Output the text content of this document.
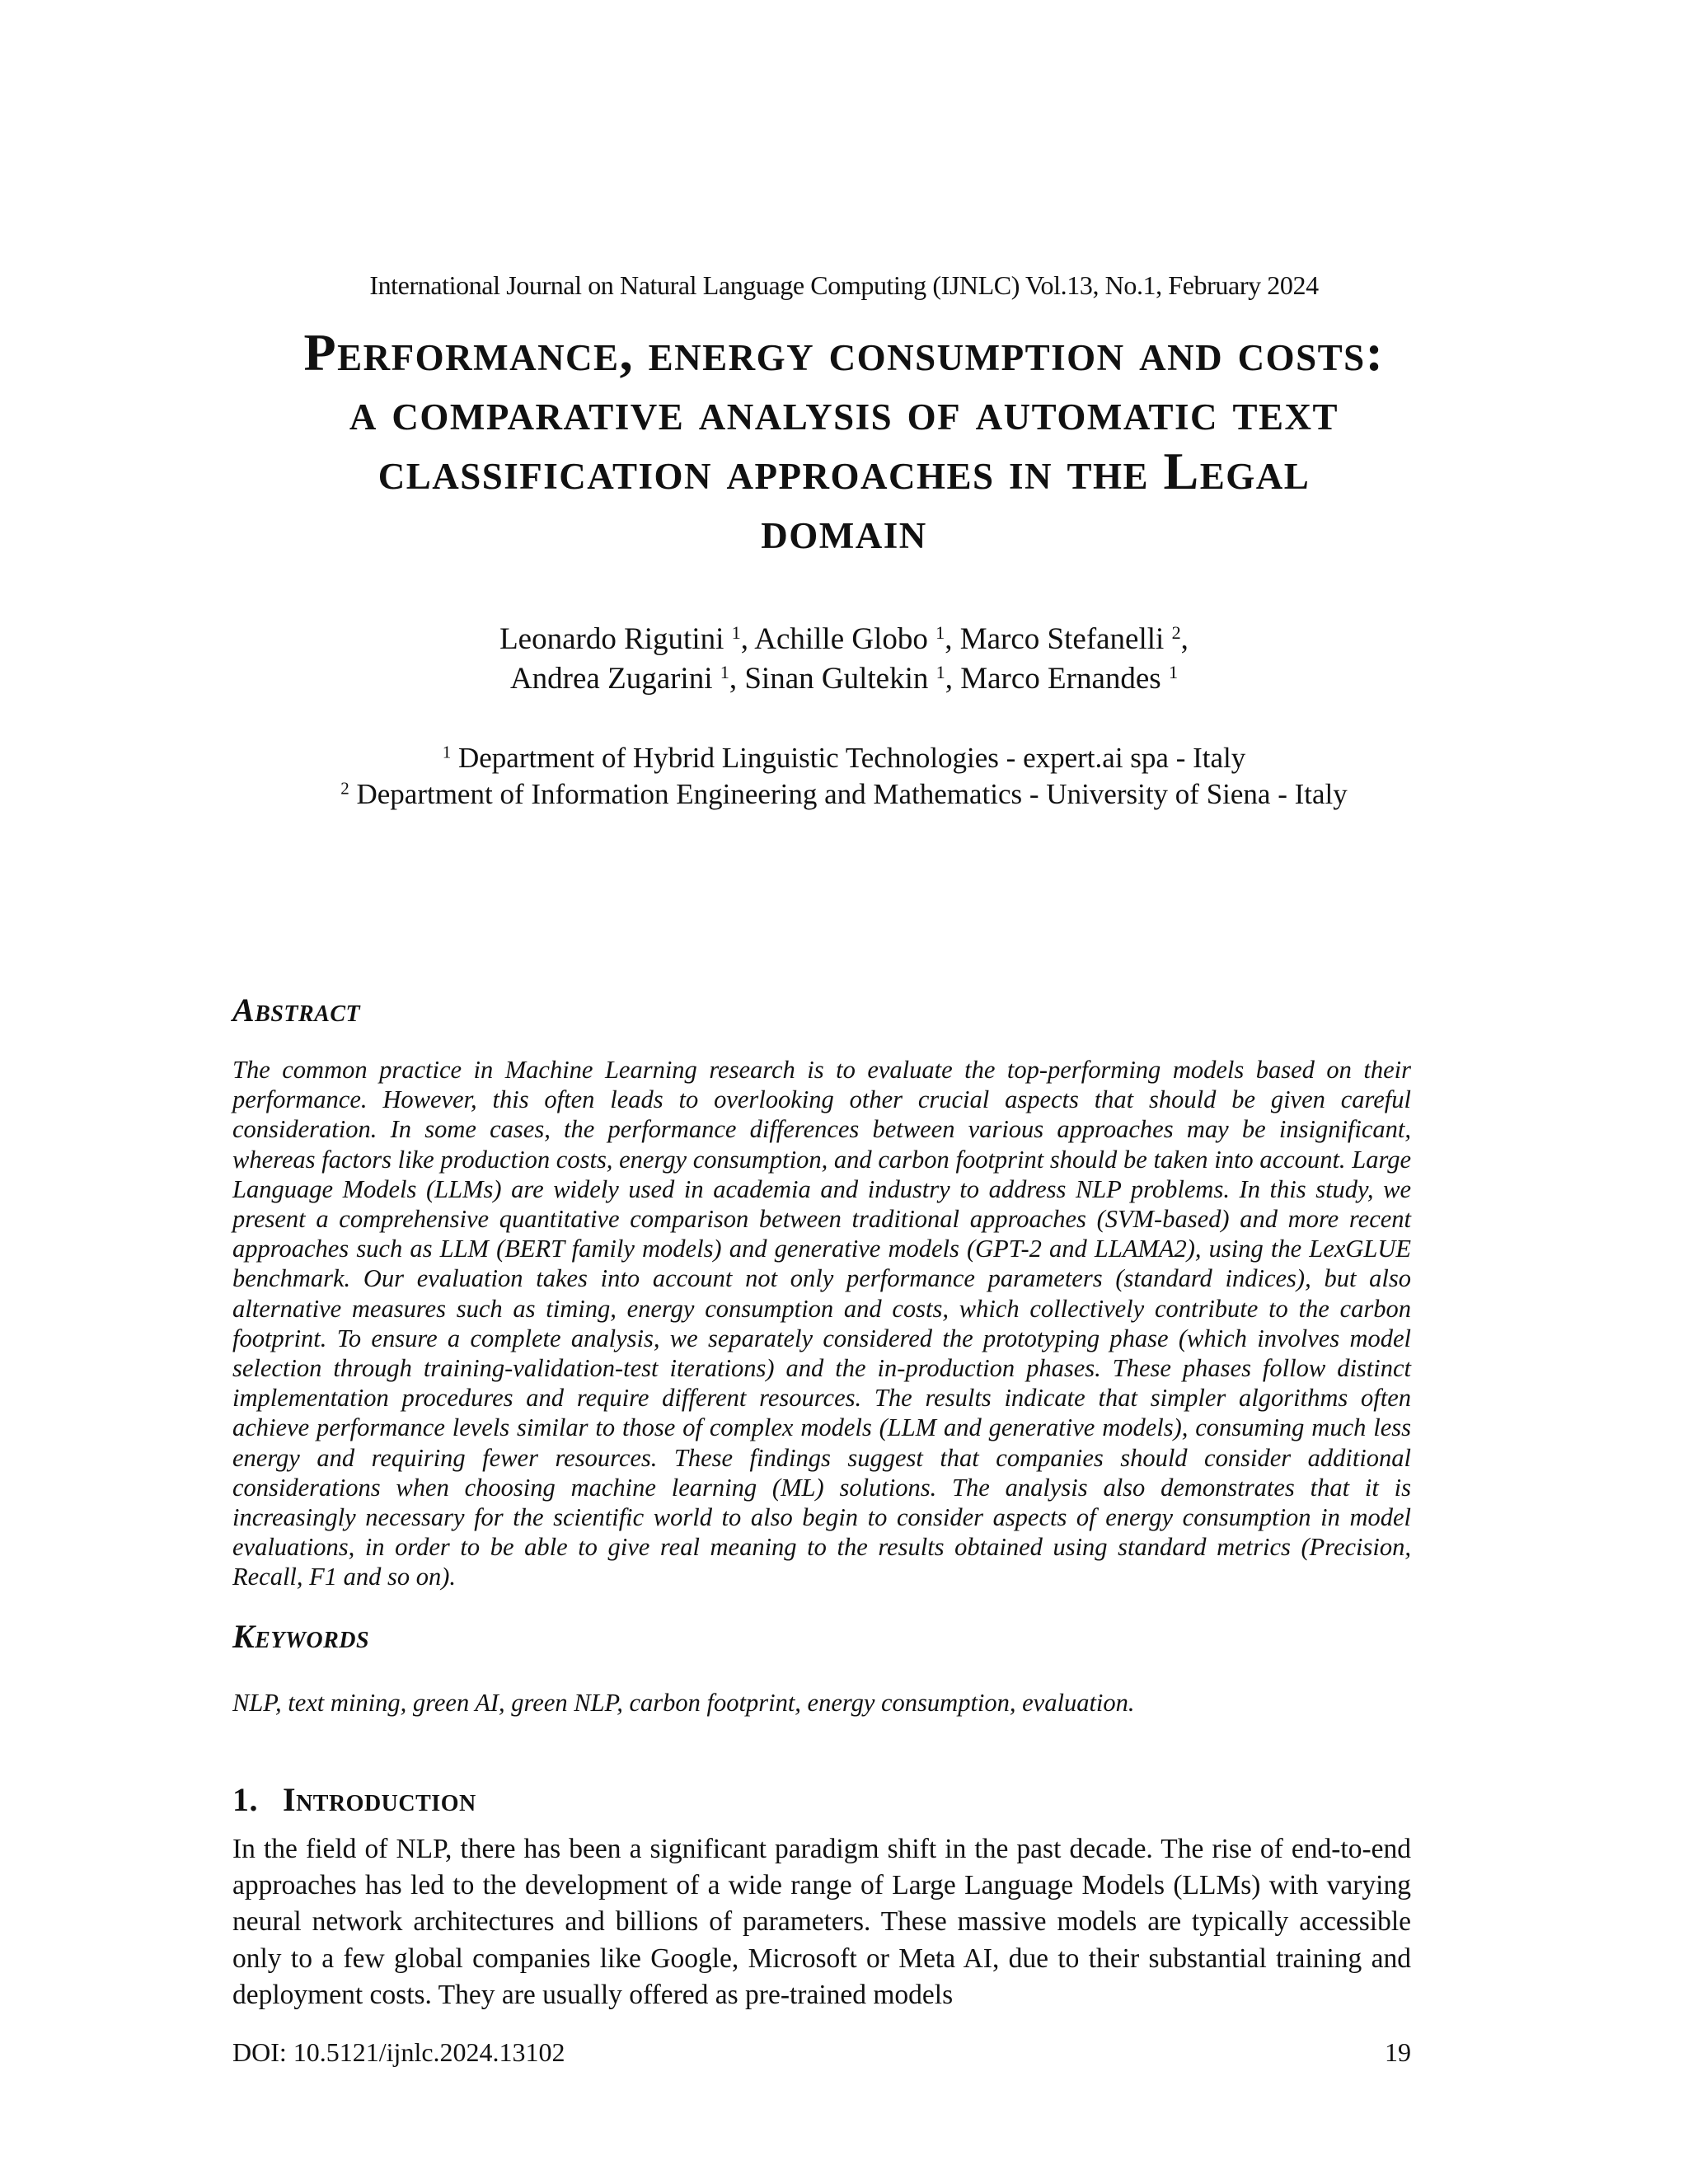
International Journal on Natural Language Computing (IJNLC) Vol.13, No.1, February 2024
Performance, energy consumption and costs:
a comparative analysis of automatic text
classification approaches in the Legal
domain
Leonardo Rigutini $^1$, Achille Globo $^1$, Marco Stefanelli $^2$,
Andrea Zugarini $^1$, Sinan Gultekin $^1$, Marco Ernandes $^1$
$^1$ Department of Hybrid Linguistic Technologies - expert.ai spa - Italy
$^2$ Department of Information Engineering and Mathematics - University of Siena - Italy
Abstract
The common practice in Machine Learning research is to evaluate the top-performing models based on their performance. However, this often leads to overlooking other crucial aspects that should be given careful consideration. In some cases, the performance differences between various approaches may be insignificant, whereas factors like production costs, energy consumption, and carbon footprint should be taken into account. Large Language Models (LLMs) are widely used in academia and industry to address NLP problems. In this study, we present a comprehensive quantitative comparison between traditional approaches (SVM-based) and more recent approaches such as LLM (BERT family models) and generative models (GPT-2 and LLAMA2), using the LexGLUE benchmark. Our evaluation takes into account not only performance parameters (standard indices), but also alternative measures such as timing, energy consumption and costs, which collectively contribute to the carbon footprint. To ensure a complete analysis, we separately considered the prototyping phase (which involves model selection through training-validation-test iterations) and the in-production phases. These phases follow distinct implementation procedures and require different resources. The results indicate that simpler algorithms often achieve performance levels similar to those of complex models (LLM and generative models), consuming much less energy and requiring fewer resources. These findings suggest that companies should consider additional considerations when choosing machine learning (ML) solutions. The analysis also demonstrates that it is increasingly necessary for the scientific world to also begin to consider aspects of energy consumption in model evaluations, in order to be able to give real meaning to the results obtained using standard metrics (Precision, Recall, F1 and so on).
Keywords
NLP, text mining, green AI, green NLP, carbon footprint, energy consumption, evaluation.
1. Introduction
In the field of NLP, there has been a significant paradigm shift in the past decade. The rise of end-to-end approaches has led to the development of a wide range of Large Language Models (LLMs) with varying neural network architectures and billions of parameters. These massive models are typically accessible only to a few global companies like Google, Microsoft or Meta AI, due to their substantial training and deployment costs. They are usually offered as pre-trained models
DOI: 10.5121/ijnlc.2024.13102	19
